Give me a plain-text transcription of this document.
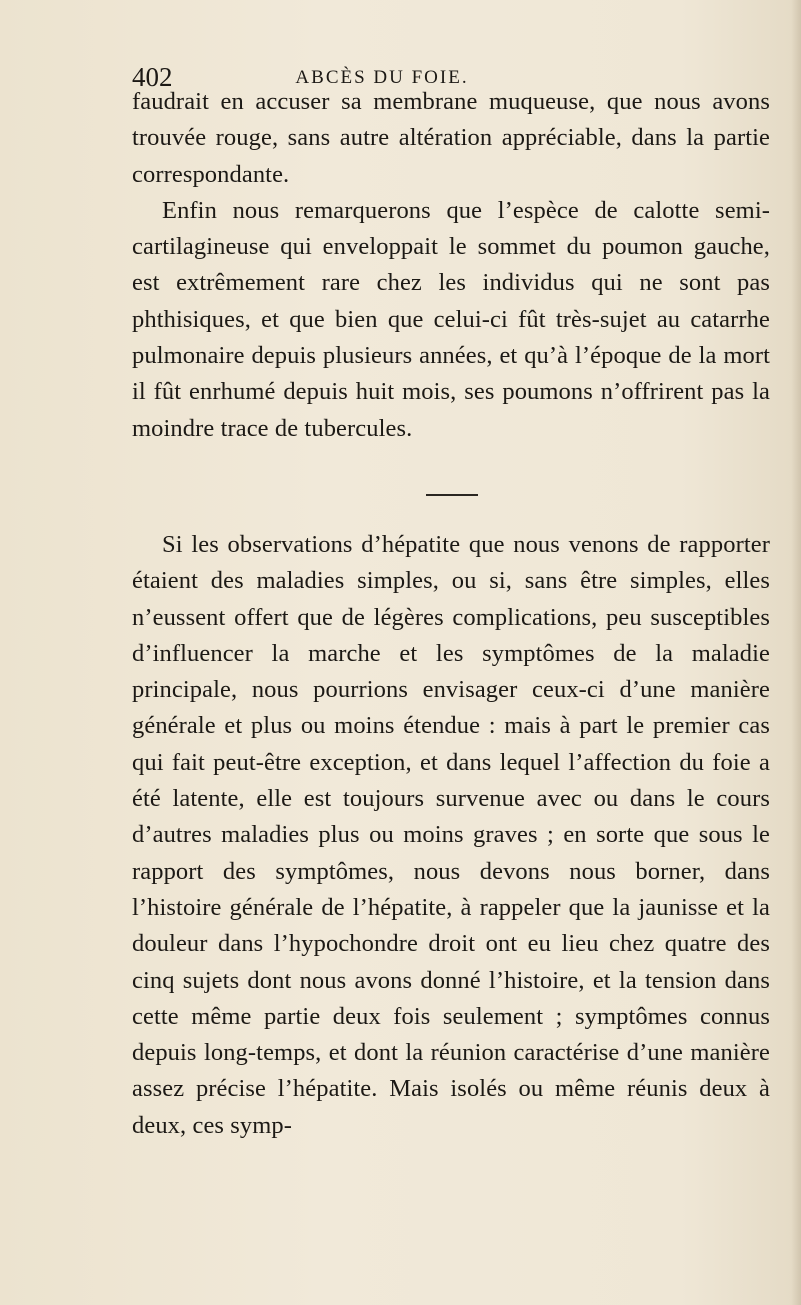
402	ABCÈS DU FOIE.

faudrait en accuser sa membrane muqueuse, que nous avons trouvée rouge, sans autre altération appréciable, dans la partie correspondante.

Enfin nous remarquerons que l’espèce de calotte semi-cartilagineuse qui enveloppait le sommet du poumon gauche, est extrêmement rare chez les individus qui ne sont pas phthisiques, et que bien que celui-ci fût très-sujet au catarrhe pulmonaire depuis plusieurs années, et qu’à l’époque de la mort il fût enrhumé depuis huit mois, ses poumons n’offrirent pas la moindre trace de tubercules.

Si les observations d’hépatite que nous venons de rapporter étaient des maladies simples, ou si, sans être simples, elles n’eussent offert que de légères complications, peu susceptibles d’influencer la marche et les symptômes de la maladie principale, nous pourrions envisager ceux-ci d’une manière générale et plus ou moins étendue : mais à part le premier cas qui fait peut-être exception, et dans lequel l’affection du foie a été latente, elle est toujours survenue avec ou dans le cours d’autres maladies plus ou moins graves ; en sorte que sous le rapport des symptômes, nous devons nous borner, dans l’histoire générale de l’hépatite, à rappeler que la jaunisse et la douleur dans l’hypochondre droit ont eu lieu chez quatre des cinq sujets dont nous avons donné l’histoire, et la tension dans cette même partie deux fois seulement ; symptômes connus depuis long-temps, et dont la réunion caractérise d’une manière assez précise l’hépatite. Mais isolés ou même réunis deux à deux, ces symp-
